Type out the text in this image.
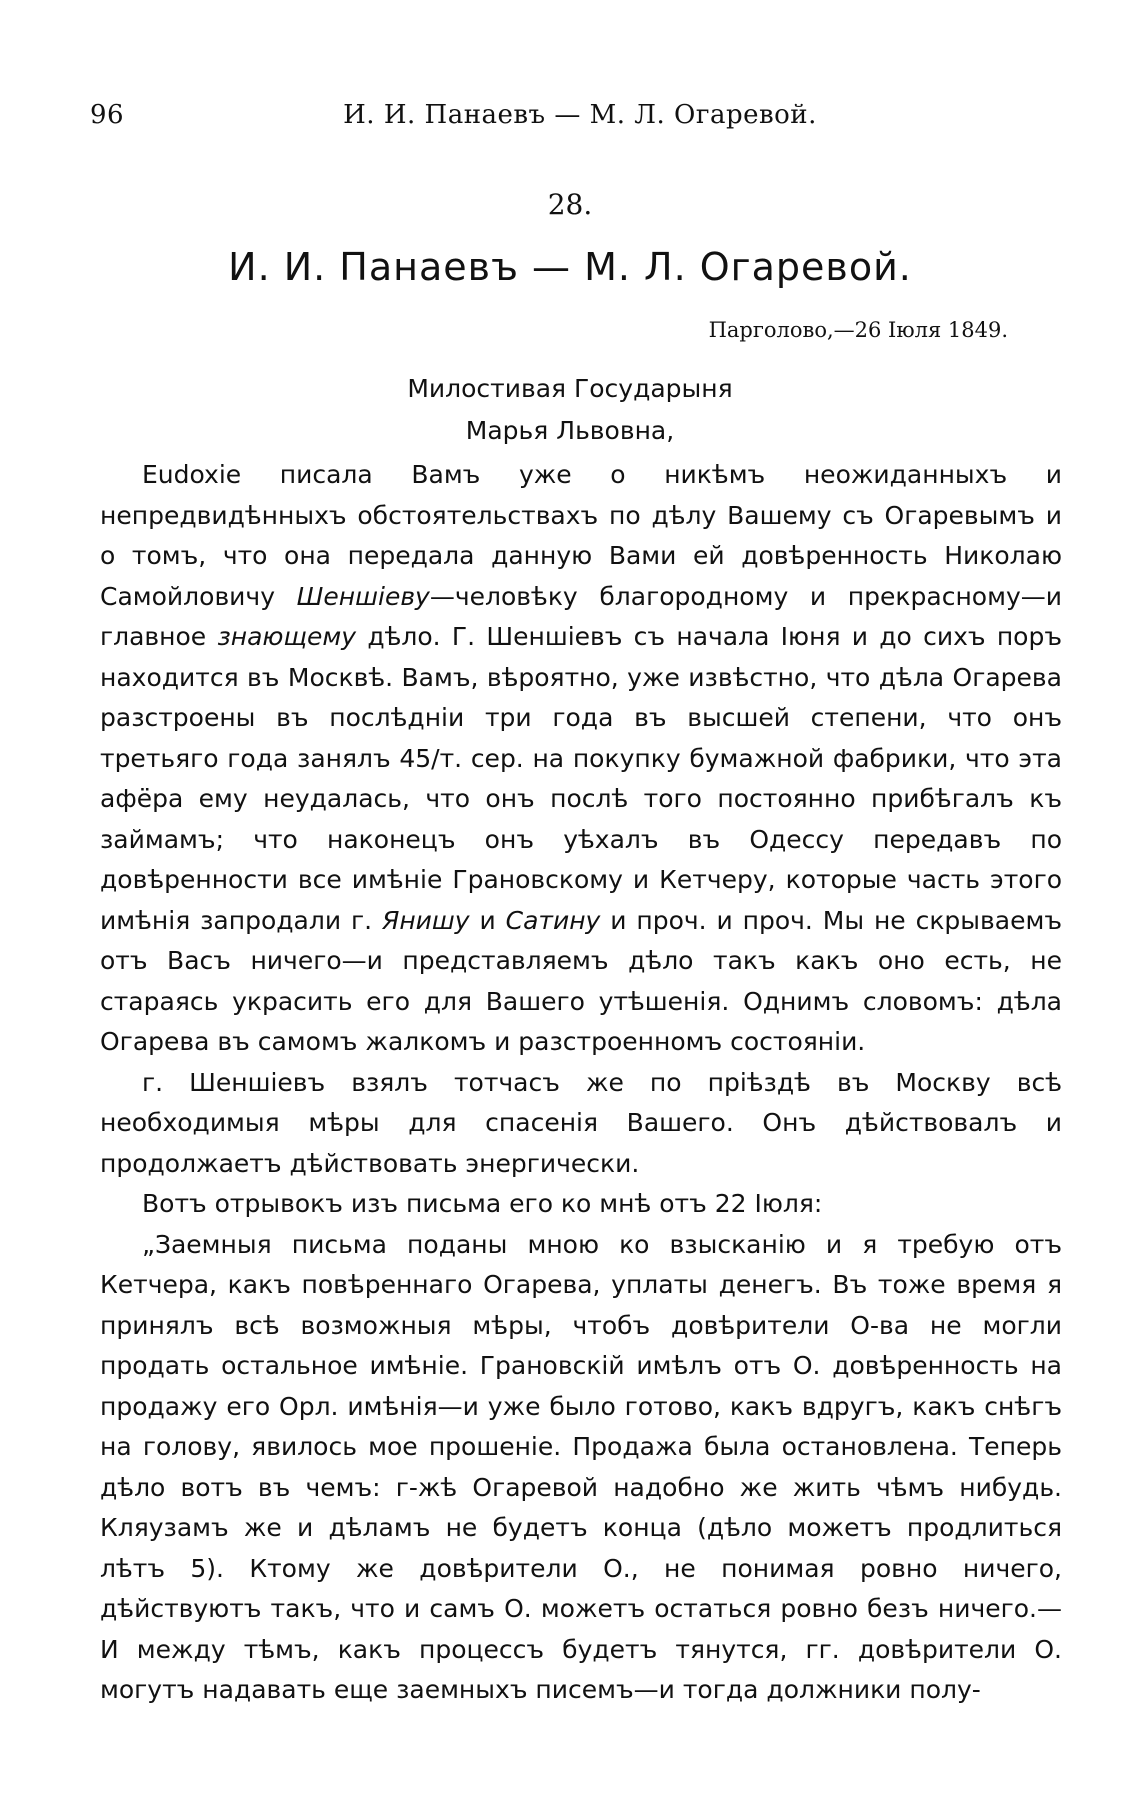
96	И. И. Панаевъ — М. Л. Огаревой.
28.
И. И. Панаевъ — М. Л. Огаревой.
Парголово,—26 Іюля 1849.
Милостивая Государыня
Марья Львовна,

Eudoxie писала Вамъ уже о никѣмъ неожиданныхъ и непредвидѣнныхъ обстоятельствахъ по дѣлу Вашему съ Огаревымъ и о томъ, что она передала данную Вами ей довѣренность Николаю Самойловичу Шеншіеву—человѣку благородному и прекрасному—и главное знающему дѣло. Г. Шеншіевъ съ начала Іюня и до сихъ поръ находится въ Москвѣ. Вамъ, вѣроятно, уже извѣстно, что дѣла Огарева разстроены въ послѣдніи три года въ высшей степени, что онъ третьяго года занялъ 45/т. сер. на покупку бумажной фабрики, что эта афёра ему неудалась, что онъ послѣ того постоянно прибѣгалъ къ займамъ; что наконецъ онъ уѣхалъ въ Одессу передавъ по довѣренности все имѣніе Грановскому и Кетчеру, которые часть этого имѣнія запродали г. Янишу и Сатину и проч. и проч. Мы не скрываемъ отъ Васъ ничего—и представляемъ дѣло такъ какъ оно есть, не стараясь украсить его для Вашего утѣшенія. Однимъ словомъ: дѣла Огарева въ самомъ жалкомъ и разстроенномъ состояніи.

г. Шеншіевъ взялъ тотчасъ же по пріѣздѣ въ Москву всѣ необходимыя мѣры для спасенія Вашего. Онъ дѣйствовалъ и продолжаетъ дѣйствовать энергически.

Вотъ отрывокъ изъ письма его ко мнѣ отъ 22 Іюля:

„Заемныя письма поданы мною ко взысканію и я требую отъ Кетчера, какъ повѣреннаго Огарева, уплаты денегъ. Въ тоже время я принялъ всѣ возможныя мѣры, чтобъ довѣрители О-ва не могли продать остальное имѣніе. Грановскій имѣлъ отъ О. довѣренность на продажу его Орл. имѣнія—и уже было готово, какъ вдругъ, какъ снѣгъ на голову, явилось мое прошеніе. Продажа была остановлена. Теперь дѣло вотъ въ чемъ: г-жѣ Огаревой надобно же жить чѣмъ нибудь. Кляузамъ же и дѣламъ не будетъ конца (дѣло можетъ продлиться лѣтъ 5). Ктому же довѣрители О., не понимая ровно ничего, дѣйствуютъ такъ, что и самъ О. можетъ остаться ровно безъ ничего.—И между тѣмъ, какъ процессъ будетъ тянутся, гг. довѣрители О. могутъ надавать еще заемныхъ писемъ—и тогда должники полу-
